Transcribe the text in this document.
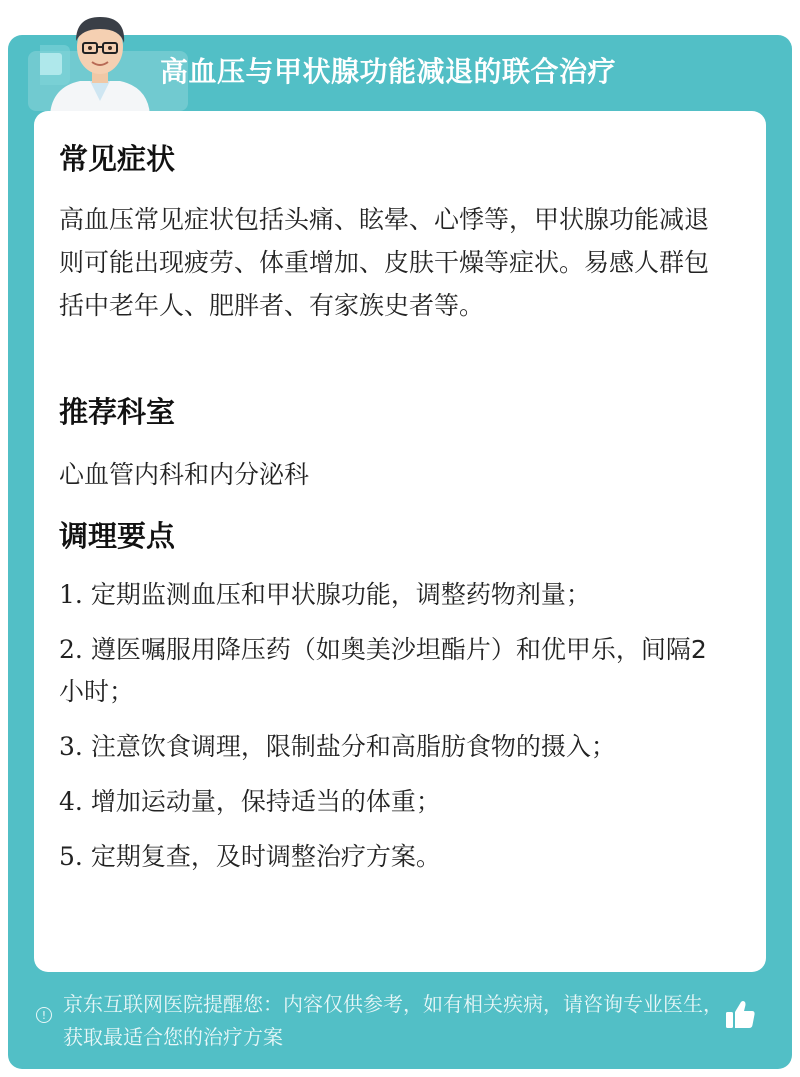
高血压与甲状腺功能减退的联合治疗
常见症状

高血压常见症状包括头痛、眩晕、心悸等，甲状腺功能减退则可能出现疲劳、体重增加、皮肤干燥等症状。易感人群包括中老年人、肥胖者、有家族史者等。

推荐科室

心血管内科和内分泌科

调理要点
1. 定期监测血压和甲状腺功能，调整药物剂量；
2. 遵医嘱服用降压药（如奥美沙坦酯片）和优甲乐，间隔2小时；
3. 注意饮食调理，限制盐分和高脂肪食物的摄入；
4. 增加运动量，保持适当的体重；
5. 定期复查，及时调整治疗方案。
! 京东互联网医院提醒您：内容仅供参考，如有相关疾病，请咨询专业医生，获取最适合您的治疗方案
